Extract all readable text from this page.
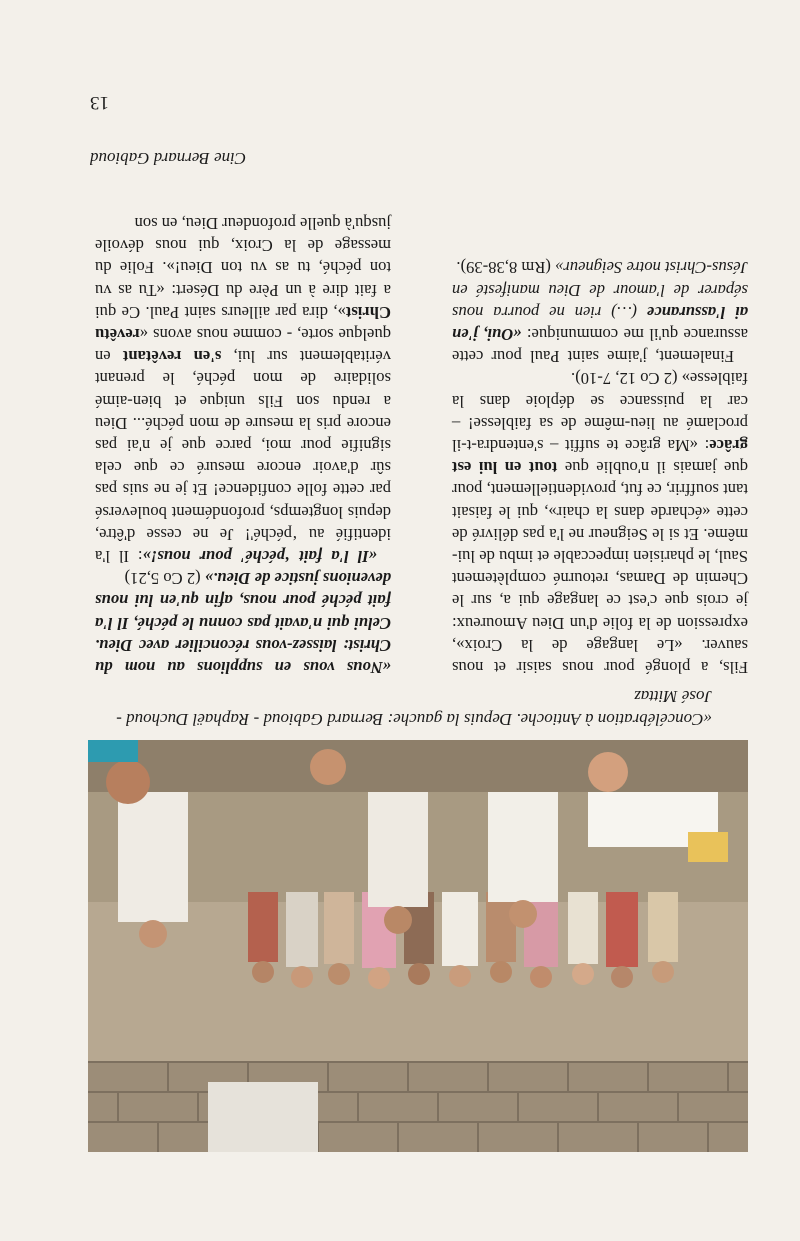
«Concélébration à Antioche. Depuis la gauche: Bernard Gabioud - Raphaël Duchoud - José Mittaz

Fils, a plongé pour nous saisir et nous sauver. «Le langage de la Croix», expression de la folie d'un Dieu Amoureux: je crois que c'est ce langage qui a, sur le Chemin de Damas, retourné complètement Saul, le pharisien impeccable et imbu de lui-même. Et si le Seigneur ne l'a pas délivré de cette «écharde dans la chair», qui le faisait tant souffrir, ce fut, providentiellement, pour que jamais il n'oublie que tout en lui est grâce: «Ma grâce te suffit – s'entendra-t-il proclamé au lieu-même de sa faiblesse! – car la puissance se déploie dans la faiblesse» (2 Co 12, 7-10).

Finalement, j'aime saint Paul pour cette assurance qu'il me communique: «Oui, j'en ai l'assurance (…) rien ne pourra nous séparer de l'amour de Dieu manifesté en Jésus-Christ notre Seigneur» (Rm 8,38-39).

«Nous vous en supplions au nom du Christ: laissez-vous réconcilier avec Dieu. Celui qui n'avait pas connu le péché, Il l'a fait péché pour nous, afin qu'en lui nous devenions justice de Dieu.» (2 Co 5,21)

«Il l'a fait ‘péché' pour nous!»: Il l'a identifié au ‘péché'! Je ne cesse d'être, depuis longtemps, profondément bouleversé par cette folle confidence! Et je ne suis pas sûr d'avoir encore mesuré ce que cela signifie pour moi, parce que je n'ai pas encore pris la mesure de mon péché... Dieu a rendu son Fils unique et bien-aimé solidaire de mon péché, le prenant véritablement sur lui, s'en revêtant en quelque sorte, - comme nous avons «revêtu Christ», dira par ailleurs saint Paul. Ce qui a fait dire à un Père du Désert: «Tu as vu ton péché, tu as vu ton Dieu!». Folie du message de la Croix, qui nous dévoile jusqu'à quelle profondeur Dieu, en son

Cine Bernard Gabioud
13
